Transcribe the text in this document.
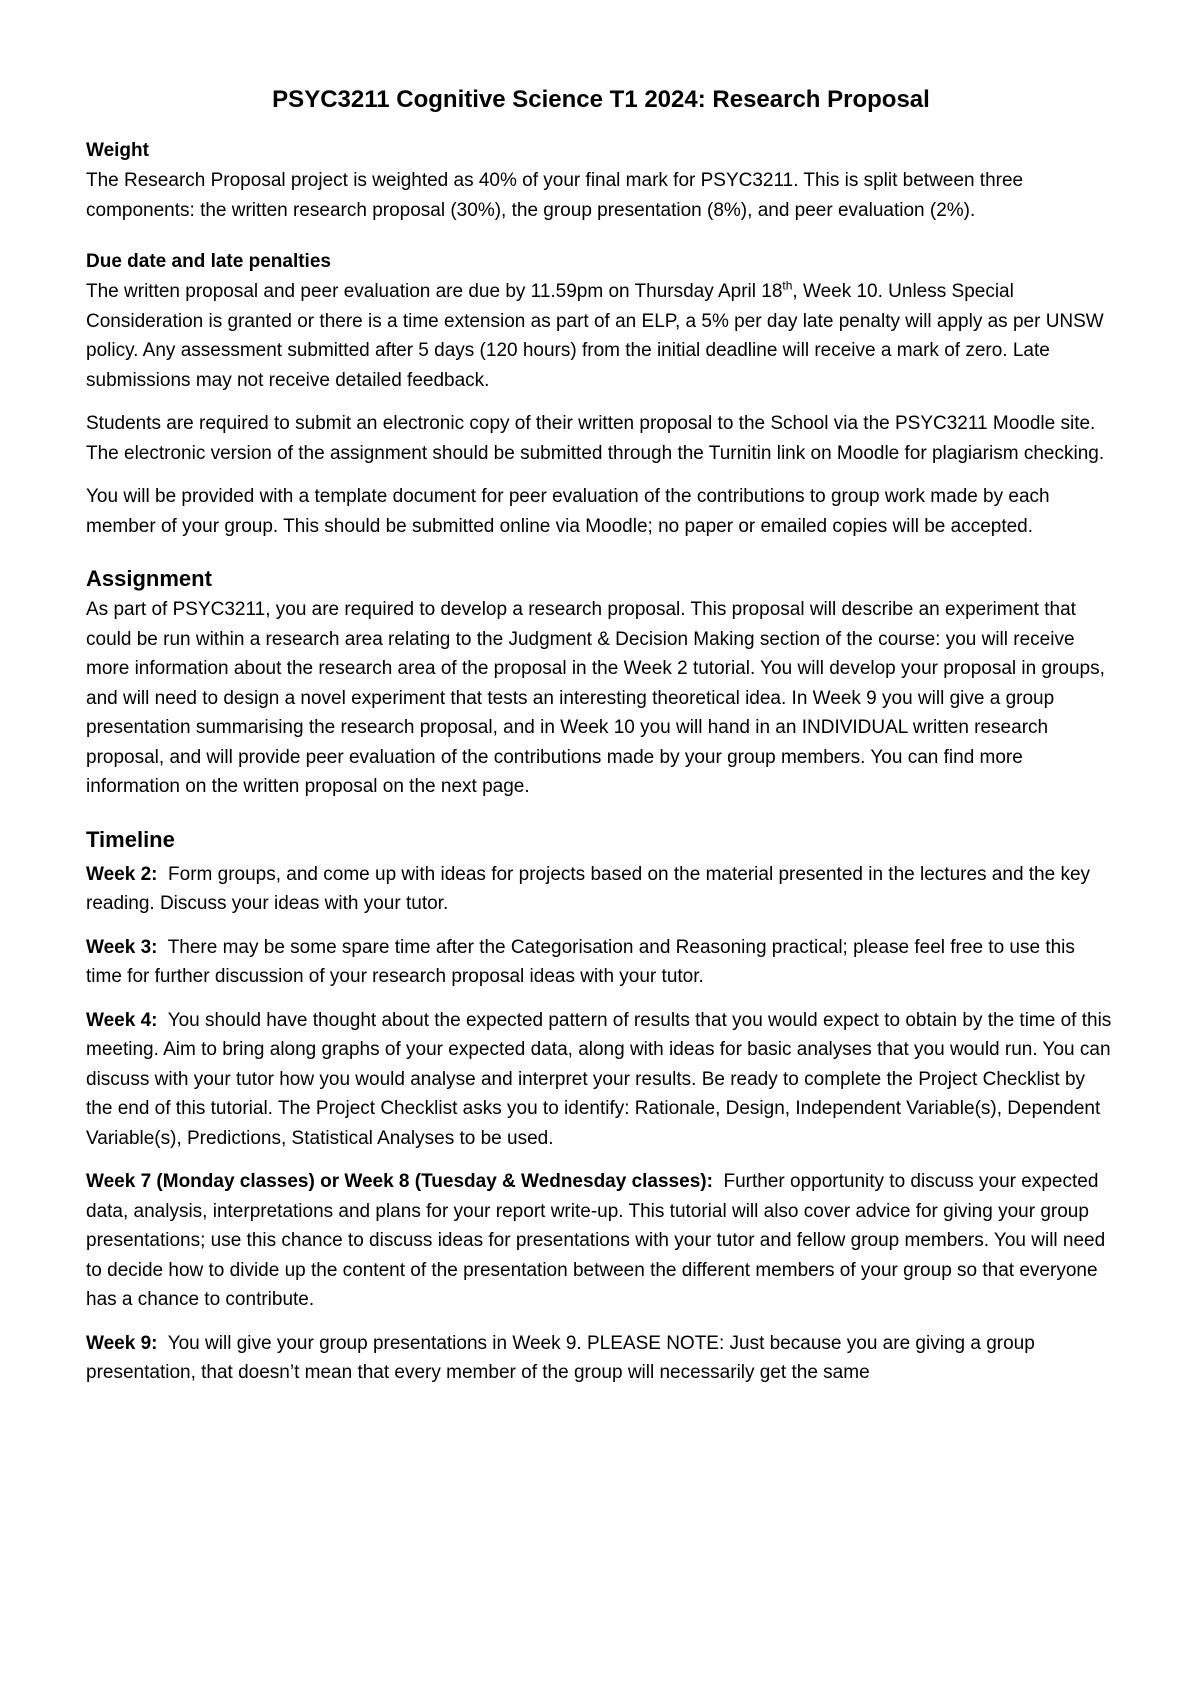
PSYC3211 Cognitive Science T1 2024: Research Proposal
Weight

The Research Proposal project is weighted as 40% of your final mark for PSYC3211. This is split between three components: the written research proposal (30%), the group presentation (8%), and peer evaluation (2%).

Due date and late penalties

The written proposal and peer evaluation are due by 11.59pm on Thursday April 18th, Week 10. Unless Special Consideration is granted or there is a time extension as part of an ELP, a 5% per day late penalty will apply as per UNSW policy. Any assessment submitted after 5 days (120 hours) from the initial deadline will receive a mark of zero. Late submissions may not receive detailed feedback.

Students are required to submit an electronic copy of their written proposal to the School via the PSYC3211 Moodle site. The electronic version of the assignment should be submitted through the Turnitin link on Moodle for plagiarism checking.

You will be provided with a template document for peer evaluation of the contributions to group work made by each member of your group. This should be submitted online via Moodle; no paper or emailed copies will be accepted.

Assignment

As part of PSYC3211, you are required to develop a research proposal. This proposal will describe an experiment that could be run within a research area relating to the Judgment & Decision Making section of the course: you will receive more information about the research area of the proposal in the Week 2 tutorial. You will develop your proposal in groups, and will need to design a novel experiment that tests an interesting theoretical idea. In Week 9 you will give a group presentation summarising the research proposal, and in Week 10 you will hand in an INDIVIDUAL written research proposal, and will provide peer evaluation of the contributions made by your group members. You can find more information on the written proposal on the next page.

Timeline

Week 2: Form groups, and come up with ideas for projects based on the material presented in the lectures and the key reading. Discuss your ideas with your tutor.

Week 3: There may be some spare time after the Categorisation and Reasoning practical; please feel free to use this time for further discussion of your research proposal ideas with your tutor.

Week 4: You should have thought about the expected pattern of results that you would expect to obtain by the time of this meeting. Aim to bring along graphs of your expected data, along with ideas for basic analyses that you would run. You can discuss with your tutor how you would analyse and interpret your results. Be ready to complete the Project Checklist by the end of this tutorial. The Project Checklist asks you to identify: Rationale, Design, Independent Variable(s), Dependent Variable(s), Predictions, Statistical Analyses to be used.

Week 7 (Monday classes) or Week 8 (Tuesday & Wednesday classes): Further opportunity to discuss your expected data, analysis, interpretations and plans for your report write-up. This tutorial will also cover advice for giving your group presentations; use this chance to discuss ideas for presentations with your tutor and fellow group members. You will need to decide how to divide up the content of the presentation between the different members of your group so that everyone has a chance to contribute.

Week 9: You will give your group presentations in Week 9. PLEASE NOTE: Just because you are giving a group presentation, that doesn’t mean that every member of the group will necessarily get the same
